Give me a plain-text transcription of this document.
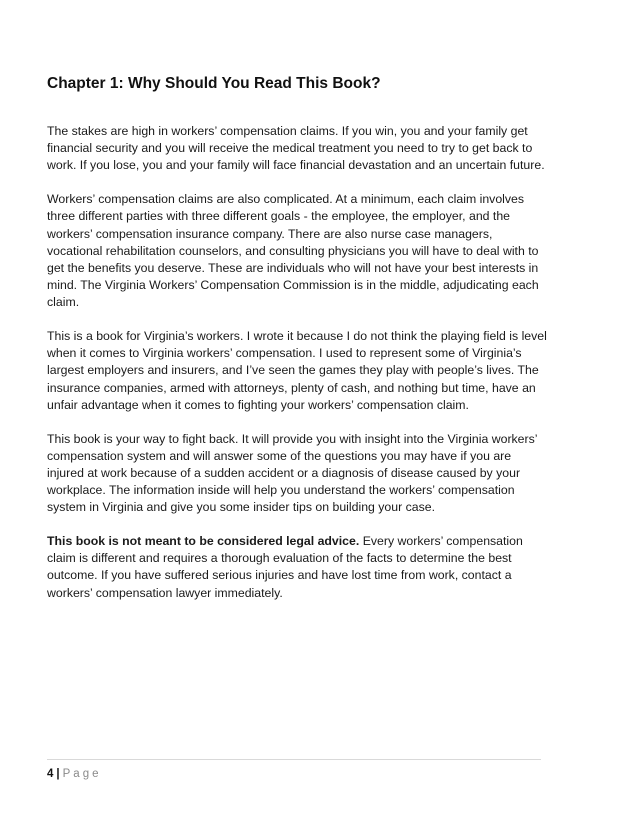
Chapter 1: Why Should You Read This Book?

The stakes are high in workers’ compensation claims. If you win, you and your family get financial security and you will receive the medical treatment you need to try to get back to work. If you lose, you and your family will face financial devastation and an uncertain future.

Workers’ compensation claims are also complicated. At a minimum, each claim involves three different parties with three different goals - the employee, the employer, and the workers’ compensation insurance company. There are also nurse case managers, vocational rehabilitation counselors, and consulting physicians you will have to deal with to get the benefits you deserve. These are individuals who will not have your best interests in mind. The Virginia Workers’ Compensation Commission is in the middle, adjudicating each claim.

This is a book for Virginia’s workers. I wrote it because I do not think the playing field is level when it comes to Virginia workers’ compensation. I used to represent some of Virginia’s largest employers and insurers, and I’ve seen the games they play with people’s lives. The insurance companies, armed with attorneys, plenty of cash, and nothing but time, have an unfair advantage when it comes to fighting your workers’ compensation claim.

This book is your way to fight back. It will provide you with insight into the Virginia workers’ compensation system and will answer some of the questions you may have if you are injured at work because of a sudden accident or a diagnosis of disease caused by your workplace. The information inside will help you understand the workers’ compensation system in Virginia and give you some insider tips on building your case.

This book is not meant to be considered legal advice. Every workers’ compensation claim is different and requires a thorough evaluation of the facts to determine the best outcome. If you have suffered serious injuries and have lost time from work, contact a workers’ compensation lawyer immediately.

4 | Page
